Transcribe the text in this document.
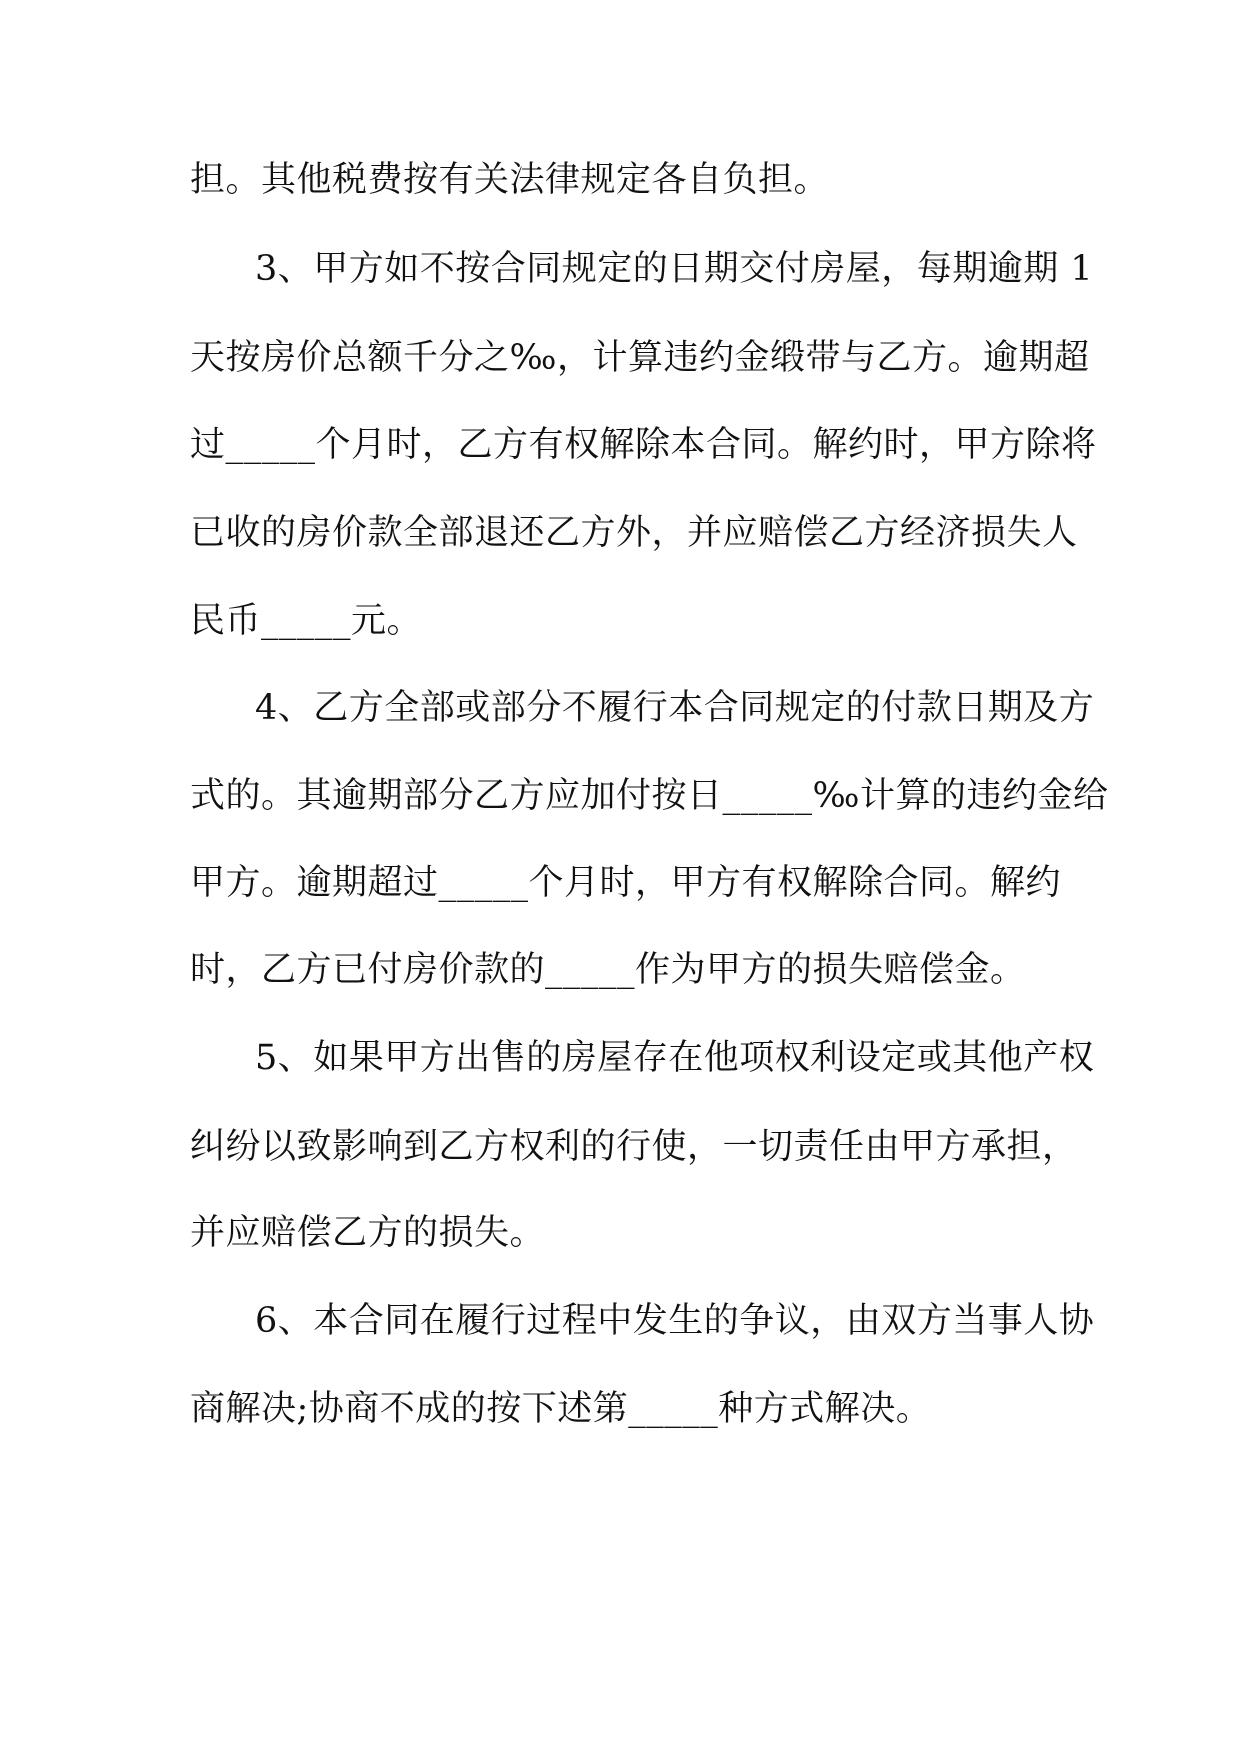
担。其他税费按有关法律规定各自负担。
3、甲方如不按合同规定的日期交付房屋，每期逾期 1
天按房价总额千分之‰，计算违约金缎带与乙方。逾期超
过_____个月时，乙方有权解除本合同。解约时，甲方除将
已收的房价款全部退还乙方外，并应赔偿乙方经济损失人
民币_____元。
4、乙方全部或部分不履行本合同规定的付款日期及方
式的。其逾期部分乙方应加付按日_____‰计算的违约金给
甲方。逾期超过_____个月时，甲方有权解除合同。解约
时，乙方已付房价款的_____作为甲方的损失赔偿金。
5、如果甲方出售的房屋存在他项权利设定或其他产权
纠纷以致影响到乙方权利的行使，一切责任由甲方承担，
并应赔偿乙方的损失。
6、本合同在履行过程中发生的争议，由双方当事人协
商解决;协商不成的按下述第_____种方式解决。
